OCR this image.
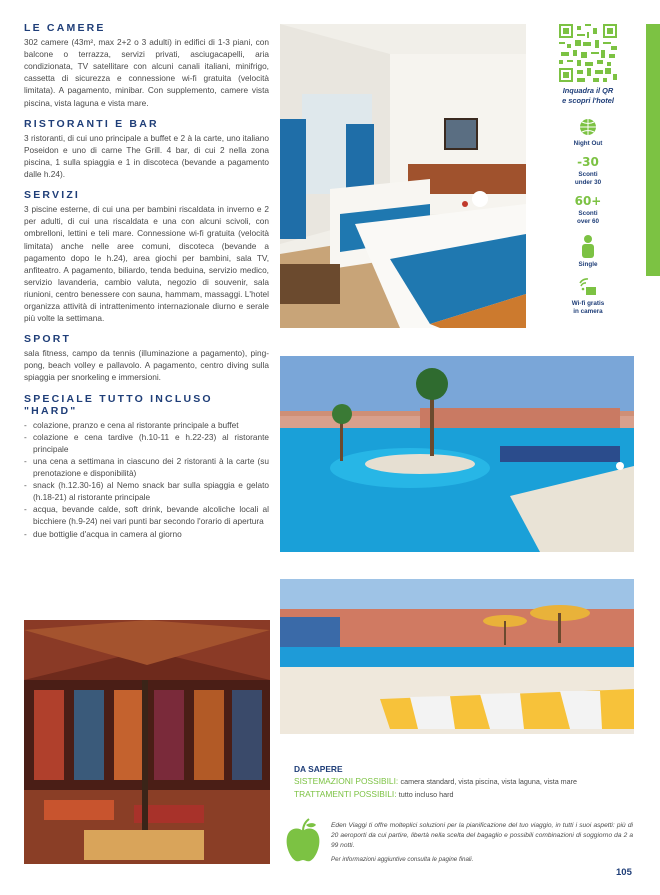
LE CAMERE
302 camere (43m², max 2+2 o 3 adulti) in edifici di 1-3 piani, con balcone o terrazza, servizi privati, asciugacapelli, aria condizionata, TV satellitare con alcuni canali italiani, minifrigo, cassetta di sicurezza e connessione wi-fi gratuita (velocità limitata). A pagamento, minibar. Con supplemento, camere vista piscina, vista laguna e vista mare.
RISTORANTI E BAR
3 ristoranti, di cui uno principale a buffet e 2 à la carte, uno italiano Poseidon e uno di carne The Grill. 4 bar, di cui 2 nella zona piscina, 1 sulla spiaggia e 1 in discoteca (bevande a pagamento dalle h.24).
SERVIZI
3 piscine esterne, di cui una per bambini riscaldata in inverno e 2 per adulti, di cui una riscaldata e una con alcuni scivoli, con ombrelloni, lettini e teli mare. Connessione wi-fi gratuita (velocità limitata) anche nelle aree comuni, discoteca (bevande a pagamento dopo le h.24), area giochi per bambini, sala TV, anfiteatro. A pagamento, biliardo, tenda beduina, servizio medico, servizio lavanderia, cambio valuta, negozio di souvenir, sala riunioni, centro benessere con sauna, hammam, massaggi. L'hotel organizza attività di intrattenimento internazionale diurno e serale più volte la settimana.
SPORT
sala fitness, campo da tennis (illuminazione a pagamento), ping-pong, beach volley e pallavolo. A pagamento, centro diving sulla spiaggia per snorkeling e immersioni.
SPECIALE TUTTO INCLUSO "HARD"
- colazione, pranzo e cena al ristorante principale a buffet
- colazione e cena tardive (h.10-11 e h.22-23) al ristorante principale
- una cena a settimana in ciascuno dei 2 ristoranti à la carte (su prenotazione e disponibilità)
- snack (h.12.30-16) al Nemo snack bar sulla spiaggia e gelato (h.18-21) al ristorante principale
- acqua, bevande calde, soft drink, bevande alcoliche locali al bicchiere (h.9-24) nei vari punti bar secondo l'orario di apertura
- due bottiglie d'acqua in camera al giorno
Inquadra il QR
e scopri l'hotel
Night Out
-30
Sconti
under 30
60+
Sconti
over 60
Single
Wi-fi gratis
in camera
DA SAPERE
SISTEMAZIONI POSSIBILI: camera standard, vista piscina, vista laguna, vista mare
TRATTAMENTI POSSIBILI: tutto incluso hard
Eden Viaggi ti offre molteplici soluzioni per la pianificazione del tuo viaggio, in tutti i suoi aspetti: più di 20 aeroporti da cui partire, libertà nella scelta del bagaglio e possibili combinazioni di soggiorno da 2 a 99 notti.
Per informazioni aggiuntive consulta le pagine finali.
105
